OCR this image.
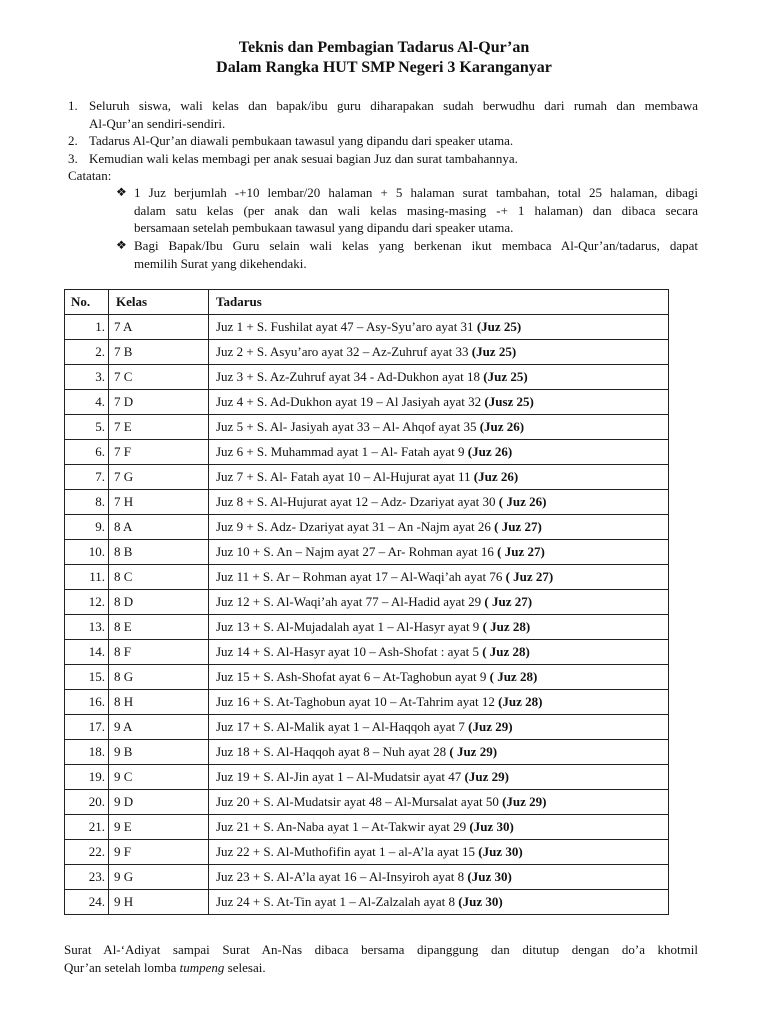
Teknis dan Pembagian Tadarus Al-Qur’an
Dalam Rangka HUT SMP Negeri 3 Karanganyar
1. Seluruh siswa, wali kelas dan bapak/ibu guru diharapakan sudah berwudhu dari rumah dan membawa
Al-Qur’an sendiri-sendiri.
2. Tadarus Al-Qur’an diawali pembukaan tawasul yang dipandu dari speaker utama.
3. Kemudian wali kelas membagi per anak sesuai bagian Juz dan surat tambahannya.
Catatan:
❖ 1 Juz berjumlah -+10 lembar/20 halaman + 5 halaman surat tambahan, total 25 halaman, dibagi
dalam satu kelas (per anak dan wali kelas masing-masing -+ 1 halaman) dan dibaca secara
bersamaan setelah pembukaan tawasul yang dipandu dari speaker utama.
❖ Bagi Bapak/Ibu Guru selain wali kelas yang berkenan ikut membaca Al-Qur’an/tadarus, dapat
memilih Surat yang dikehendaki.
No.	Kelas	Tadarus
1.	7 A	Juz 1 + S. Fushilat ayat 47 – Asy-Syu’aro ayat 31 (Juz 25)
2.	7 B	Juz 2 + S. Asyu’aro ayat 32 – Az-Zuhruf ayat 33 (Juz 25)
3.	7 C	Juz 3 + S. Az-Zuhruf ayat 34 - Ad-Dukhon ayat 18 (Juz 25)
4.	7 D	Juz 4 + S. Ad-Dukhon ayat 19 – Al Jasiyah ayat 32 (Jusz 25)
5.	7 E	Juz 5 + S. Al- Jasiyah ayat 33 – Al- Ahqof ayat 35 (Juz 26)
6.	7 F	Juz 6 + S. Muhammad ayat 1 – Al- Fatah ayat 9 (Juz 26)
7.	7 G	Juz 7 + S. Al- Fatah ayat 10 – Al-Hujurat ayat 11 (Juz 26)
8.	7 H	Juz 8 + S. Al-Hujurat ayat 12 – Adz- Dzariyat ayat 30 ( Juz 26)
9.	8 A	Juz 9 + S. Adz- Dzariyat ayat 31 – An -Najm ayat 26 ( Juz 27)
10.	8 B	Juz 10 + S. An – Najm ayat 27 – Ar- Rohman ayat 16 ( Juz 27)
11.	8 C	Juz 11 + S. Ar – Rohman ayat 17 – Al-Waqi’ah ayat 76 ( Juz 27)
12.	8 D	Juz 12 + S. Al-Waqi’ah ayat 77 – Al-Hadid ayat 29 ( Juz 27)
13.	8 E	Juz 13 + S. Al-Mujadalah ayat 1 – Al-Hasyr ayat 9 ( Juz 28)
14.	8 F	Juz 14 + S. Al-Hasyr ayat 10 – Ash-Shofat : ayat 5 ( Juz 28)
15.	8 G	Juz 15 + S. Ash-Shofat ayat 6 – At-Taghobun ayat 9 ( Juz 28)
16.	8 H	Juz 16 + S. At-Taghobun ayat 10 – At-Tahrim ayat 12 (Juz 28)
17.	9 A	Juz 17 + S. Al-Malik ayat 1 – Al-Haqqoh ayat 7 (Juz 29)
18.	9 B	Juz 18 + S. Al-Haqqoh ayat 8 – Nuh ayat 28 ( Juz 29)
19.	9 C	Juz 19 + S. Al-Jin ayat 1 – Al-Mudatsir ayat 47 (Juz 29)
20.	9 D	Juz 20 + S. Al-Mudatsir ayat 48 – Al-Mursalat ayat 50 (Juz 29)
21.	9 E	Juz 21 + S. An-Naba ayat 1 – At-Takwir ayat 29 (Juz 30)
22.	9 F	Juz 22 + S. Al-Muthofifin ayat 1 – al-A’la ayat 15 (Juz 30)
23.	9 G	Juz 23 + S. Al-A’la ayat 16 – Al-Insyiroh ayat 8 (Juz 30)
24.	9 H	Juz 24 + S. At-Tin ayat 1 – Al-Zalzalah ayat 8 (Juz 30)
Surat Al-‘Adiyat sampai Surat An-Nas dibaca bersama dipanggung dan ditutup dengan do’a khotmil
Qur’an setelah lomba tumpeng selesai.
